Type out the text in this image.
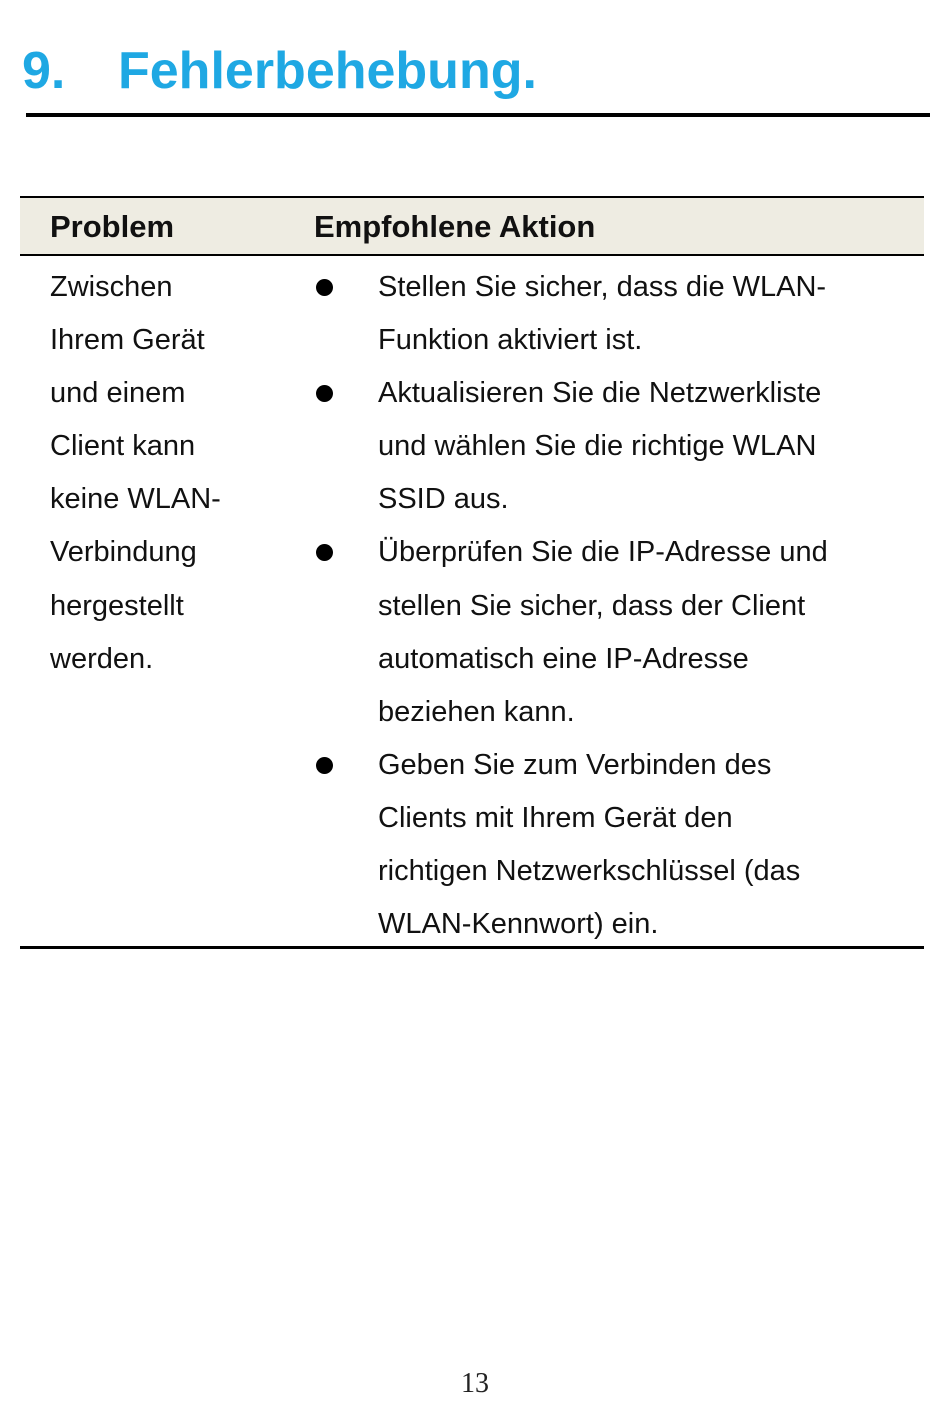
9. Fehlerbehebung.
Problem	Empfohlene Aktion
Zwischen
Ihrem Gerät
und einem
Client kann
keine WLAN-
Verbindung
hergestellt
werden.
Stellen Sie sicher, dass die WLAN-
Funktion aktiviert ist.
Aktualisieren Sie die Netzwerkliste
und wählen Sie die richtige WLAN
SSID aus.
Überprüfen Sie die IP-Adresse und
stellen Sie sicher, dass der Client
automatisch eine IP-Adresse
beziehen kann.
Geben Sie zum Verbinden des
Clients mit Ihrem Gerät den
richtigen Netzwerkschlüssel (das
WLAN-Kennwort) ein.
13
